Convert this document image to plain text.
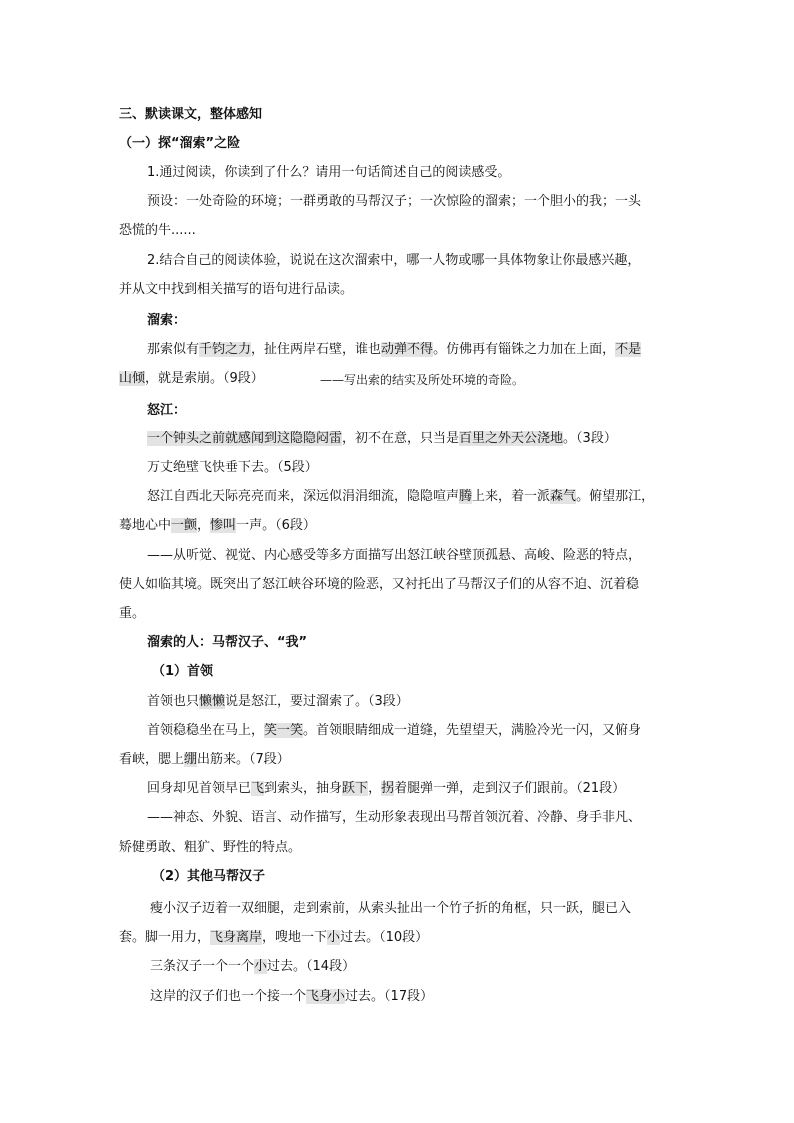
三、默读课文，整体感知
（一）探“溜索”之险
1.通过阅读，你读到了什么？请用一句话简述自己的阅读感受。
预设：一处奇险的环境；一群勇敢的马帮汉子；一次惊险的溜索；一个胆小的我；一头
恐慌的牛......
2.结合自己的阅读体验，说说在这次溜索中，哪一人物或哪一具体物象让你最感兴趣，
并从文中找到相关描写的语句进行品读。
溜索：
那索似有千钧之力，扯住两岸石壁，谁也动弹不得。仿佛再有锱铢之力加在上面，不是
山倾，就是索崩。（9段）	——写出索的结实及所处环境的奇险。
怒江：
一个钟头之前就感闻到这隐隐闷雷，初不在意，只当是百里之外天公浇地。（3段）
万丈绝壁飞快垂下去。（5段）
怒江自西北天际亮亮而来，深远似涓涓细流，隐隐喧声腾上来，着一派森气。俯望那江，
蓦地心中一颤，惨叫一声。（6段）
——从听觉、视觉、内心感受等多方面描写出怒江峡谷壁顶孤悬、高峻、险恶的特点，
使人如临其境。既突出了怒江峡谷环境的险恶，又衬托出了马帮汉子们的从容不迫、沉着稳
重。
溜索的人：马帮汉子、“我”
（1）首领
首领也只懒懒说是怒江，要过溜索了。（3段）
首领稳稳坐在马上，笑一笑。首领眼睛细成一道缝，先望望天，满脸冷光一闪，又俯身
看峡，腮上绷出筋来。（7段）
回身却见首领早已飞到索头，抽身跃下，拐着腿弹一弹，走到汉子们跟前。（21段）
——神态、外貌、语言、动作描写，生动形象表现出马帮首领沉着、冷静、身手非凡、
矫健勇敢、粗犷、野性的特点。
（2）其他马帮汉子
瘦小汉子迈着一双细腿，走到索前，从索头扯出一个竹子折的角框，只一跃，腿已入
套。脚一用力，飞身离岸，嗖地一下小过去。（10段）
三条汉子一个一个小过去。（14段）
这岸的汉子们也一个接一个飞身小过去。（17段）
